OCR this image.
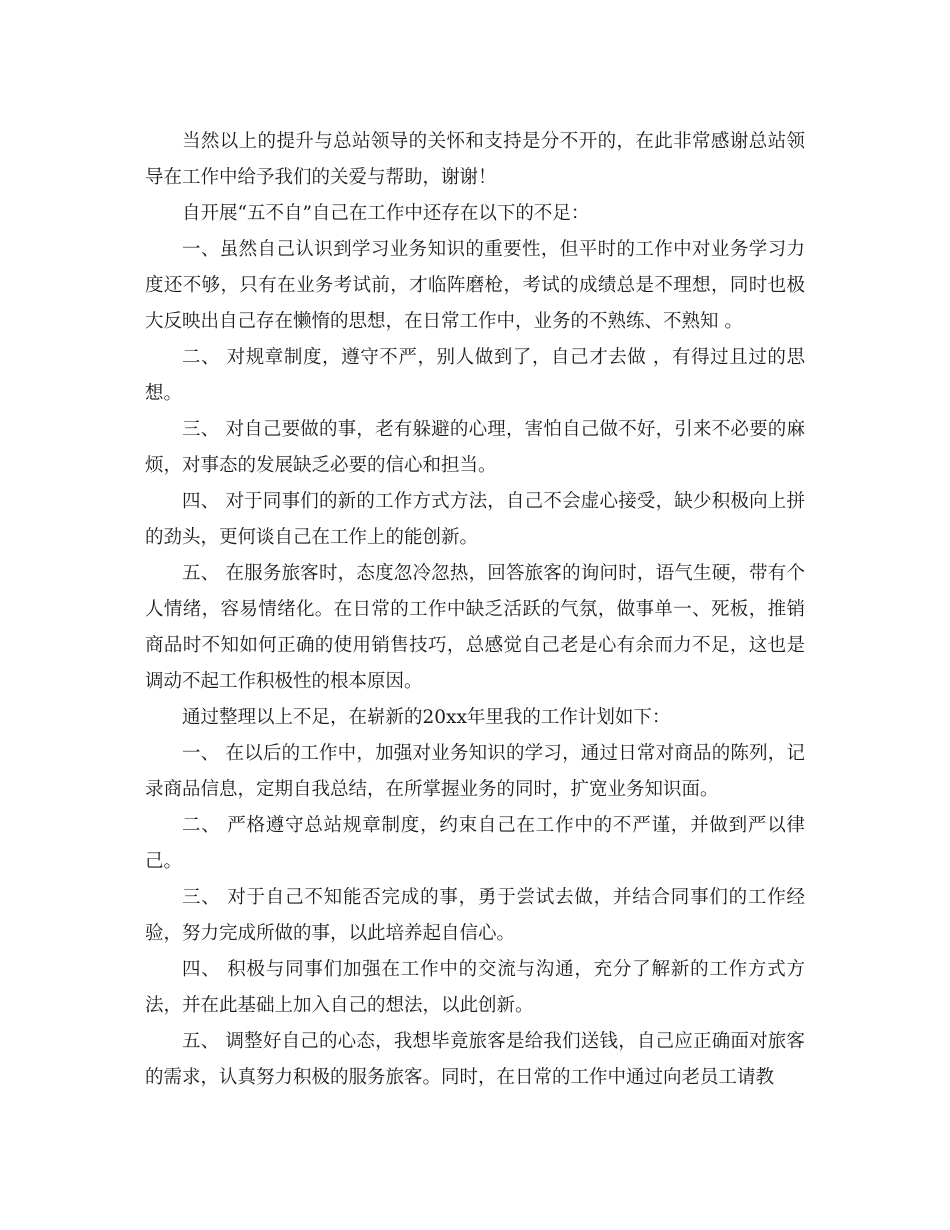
当然以上的提升与总站领导的关怀和支持是分不开的，在此非常感谢总站领导在工作中给予我们的关爱与帮助，谢谢！

自开展“五不自”自己在工作中还存在以下的不足：

一、虽然自己认识到学习业务知识的重要性，但平时的工作中对业务学习力度还不够，只有在业务考试前，才临阵磨枪，考试的成绩总是不理想，同时也极大反映出自己存在懒惰的思想，在日常工作中，业务的不熟练、不熟知 。

二、 对规章制度，遵守不严，别人做到了，自己才去做 ，有得过且过的思想。

三、 对自己要做的事，老有躲避的心理，害怕自己做不好，引来不必要的麻烦，对事态的发展缺乏必要的信心和担当。

四、 对于同事们的新的工作方式方法，自己不会虚心接受，缺少积极向上拼的劲头，更何谈自己在工作上的能创新。

五、 在服务旅客时，态度忽冷忽热，回答旅客的询问时，语气生硬，带有个人情绪，容易情绪化。在日常的工作中缺乏活跃的气氛，做事单一、死板，推销商品时不知如何正确的使用销售技巧，总感觉自己老是心有余而力不足，这也是调动不起工作积极性的根本原因。

通过整理以上不足，在崭新的20xx年里我的工作计划如下：

一、 在以后的工作中，加强对业务知识的学习，通过日常对商品的陈列，记录商品信息，定期自我总结，在所掌握业务的同时，扩宽业务知识面。

二、 严格遵守总站规章制度，约束自己在工作中的不严谨，并做到严以律己。

三、 对于自己不知能否完成的事，勇于尝试去做，并结合同事们的工作经验，努力完成所做的事，以此培养起自信心。

四、 积极与同事们加强在工作中的交流与沟通，充分了解新的工作方式方法，并在此基础上加入自己的想法，以此创新。

五、 调整好自己的心态，我想毕竟旅客是给我们送钱，自己应正确面对旅客的需求，认真努力积极的服务旅客。同时，在日常的工作中通过向老员工请教
